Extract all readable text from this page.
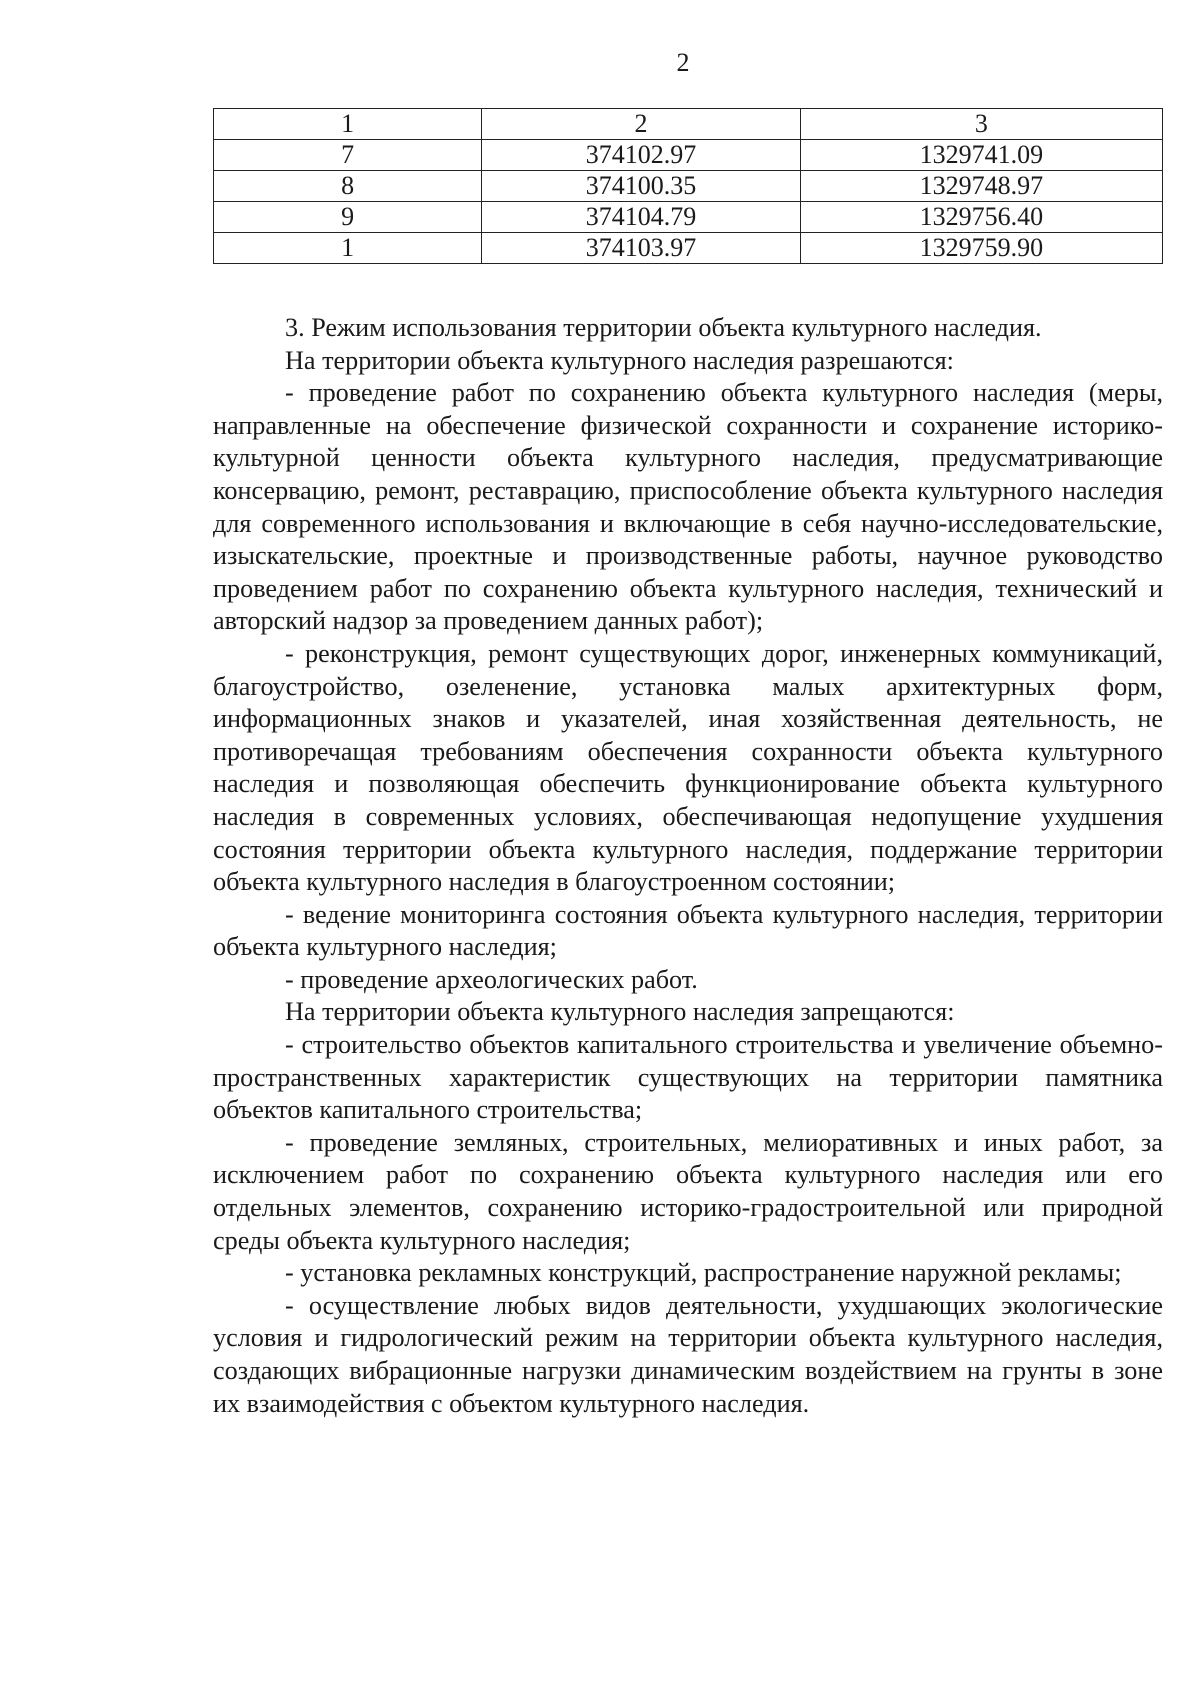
2
1	2	3
7	374102.97	1329741.09
8	374100.35	1329748.97
9	374104.79	1329756.40
1	374103.97	1329759.90

3. Режим использования территории объекта культурного наследия.

На территории объекта культурного наследия разрешаются:

- проведение работ по сохранению объекта культурного наследия (меры, направленные на обеспечение физической сохранности и сохранение историко-культурной ценности объекта культурного наследия, предусматривающие консервацию, ремонт, реставрацию, приспособление объекта культурного наследия для современного использования и включающие в себя научно-исследовательские, изыскательские, проектные и производственные работы, научное руководство проведением работ по сохранению объекта культурного наследия, технический и авторский надзор за проведением данных работ);

- реконструкция, ремонт существующих дорог, инженерных коммуникаций, благоустройство, озеленение, установка малых архитектурных форм, информационных знаков и указателей, иная хозяйственная деятельность, не противоречащая требованиям обеспечения сохранности объекта культурного наследия и позволяющая обеспечить функционирование объекта культурного наследия в современных условиях, обеспечивающая недопущение ухудшения состояния территории объекта культурного наследия, поддержание территории объекта культурного наследия в благоустроенном состоянии;

- ведение мониторинга состояния объекта культурного наследия, территории объекта культурного наследия;

- проведение археологических работ.

На территории объекта культурного наследия запрещаются:

- строительство объектов капитального строительства и увеличение объемно-пространственных характеристик существующих на территории памятника объектов капитального строительства;

- проведение земляных, строительных, мелиоративных и иных работ, за исключением работ по сохранению объекта культурного наследия или его отдельных элементов, сохранению историко-градостроительной или природной среды объекта культурного наследия;

- установка рекламных конструкций, распространение наружной рекламы;

- осуществление любых видов деятельности, ухудшающих экологические условия и гидрологический режим на территории объекта культурного наследия, создающих вибрационные нагрузки динамическим воздействием на грунты в зоне их взаимодействия с объектом культурного наследия.
